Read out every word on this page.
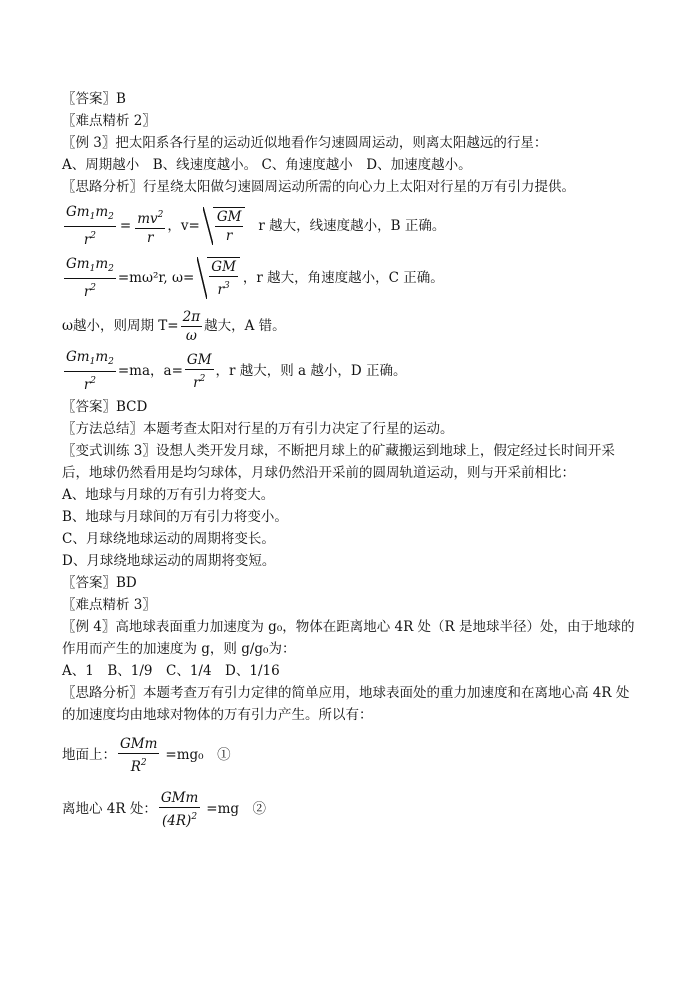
〖答案〗B
〖难点精析 2〗
〖例 3〗把太阳系各行星的运动近似地看作匀速圆周运动，则离太阳越远的行星：
A、周期越小　B、线速度越小。 C、角速度越小　D、加速度越小。
〖思路分析〗行星绕太阳做匀速圆周运动所需的向心力上太阳对行星的万有引力提供。
$\frac{Gm_1m_2}{r^2} = \frac{mv^2}{r}$ ，$v= \frac{GM}{r}$ r 越大，线速度越小，B 正确。
$\frac{Gm_1m_2}{r^2} =m\omega^2r$, $\omega= \frac{GM}{r^3}$ ，r 越大，角速度越小，C 正确。
ω越小，则周期 $T= \frac{2\pi}{\omega}$ 越大，A 错。
$\frac{Gm_1m_2}{r^2} =ma$，$a= \frac{GM}{r^2}$ ，r 越大，则 a 越小，D 正确。
〖答案〗BCD
〖方法总结〗本题考查太阳对行星的万有引力决定了行星的运动。
〖变式训练 3〗设想人类开发月球，不断把月球上的矿藏搬运到地球上，假定经过长时间开采后，地球仍然看用是均匀球体，月球仍然沿开采前的圆周轨道运动，则与开采前相比：
A、地球与月球的万有引力将变大。
B、地球与月球间的万有引力将变小。
C、月球绕地球运动的周期将变长。
D、月球绕地球运动的周期将变短。
〖答案〗BD
〖难点精析 3〗
〖例 4〗高地球表面重力加速度为 g₀，物体在距离地心 4R 处（R 是地球半径）处，由于地球的作用而产生的加速度为 g，则 g/g₀为：
A、1　B、1/9　C、1/4　D、1/16
〖思路分析〗本题考查万有引力定律的简单应用，地球表面处的重力加速度和在离地心高 4R 处的加速度均由地球对物体的万有引力产生。所以有：
地面上： $\frac{\text{GMm}}{R^2} =mg_0$　①
离地心 4R 处： $\frac{\text{GMm}}{(4R)^2} =mg$　②
